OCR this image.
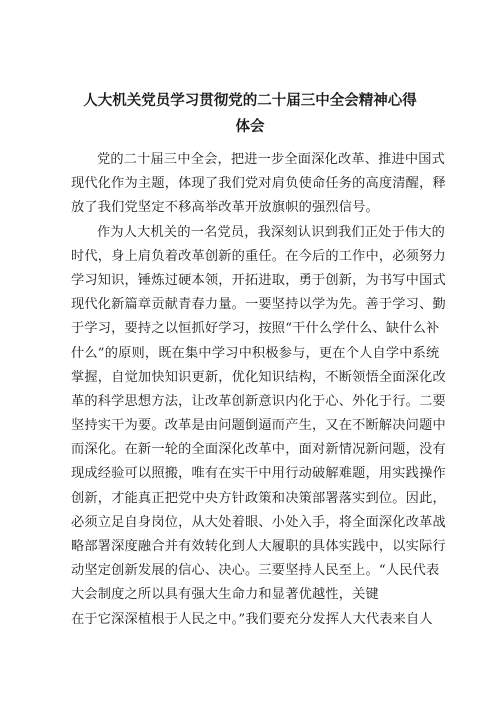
人大机关党员学习贯彻党的二十届三中全会精神心得
体会
党的二十届三中全会，把进一步全面深化改革、推进中国式
现代化作为主题，体现了我们党对肩负使命任务的高度清醒，释
放了我们党坚定不移高举改革开放旗帜的强烈信号。
作为人大机关的一名党员，我深刻认识到我们正处于伟大的
时代，身上肩负着改革创新的重任。在今后的工作中，必须努力
学习知识，锤炼过硬本领，开拓进取，勇于创新，为书写中国式
现代化新篇章贡献青春力量。一要坚持以学为先。善于学习、勤
于学习，要持之以恒抓好学习，按照“干什么学什么、缺什么补
什么”的原则，既在集中学习中积极参与，更在个人自学中系统
掌握，自觉加快知识更新，优化知识结构，不断领悟全面深化改
革的科学思想方法，让改革创新意识内化于心、外化于行。二要
坚持实干为要。改革是由问题倒逼而产生，又在不断解决问题中
而深化。在新一轮的全面深化改革中，面对新情况新问题，没有
现成经验可以照搬，唯有在实干中用行动破解难题，用实践操作
创新，才能真正把党中央方针政策和决策部署落实到位。因此，
必须立足自身岗位，从大处着眼、小处入手，将全面深化改革战
略部署深度融合并有效转化到人大履职的具体实践中，以实际行
动坚定创新发展的信心、决心。三要坚持人民至上。“人民代表
大会制度之所以具有强大生命力和显著优越性，关键
在于它深深植根于人民之中。”我们要充分发挥人大代表来自人
